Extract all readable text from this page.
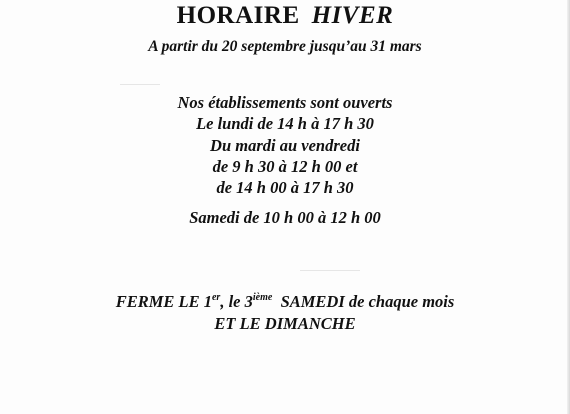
HORAIRE HIVER
A partir du 20 septembre jusqu’au 31 mars
Nos établissements sont ouverts
Le lundi de 14 h à 17 h 30
Du mardi au vendredi
de 9 h 30 à 12 h 00 et
de 14 h 00 à 17 h 30
Samedi de 10 h 00 à 12 h 00
FERME LE 1er, le 3ième  SAMEDI de chaque mois
ET LE DIMANCHE
